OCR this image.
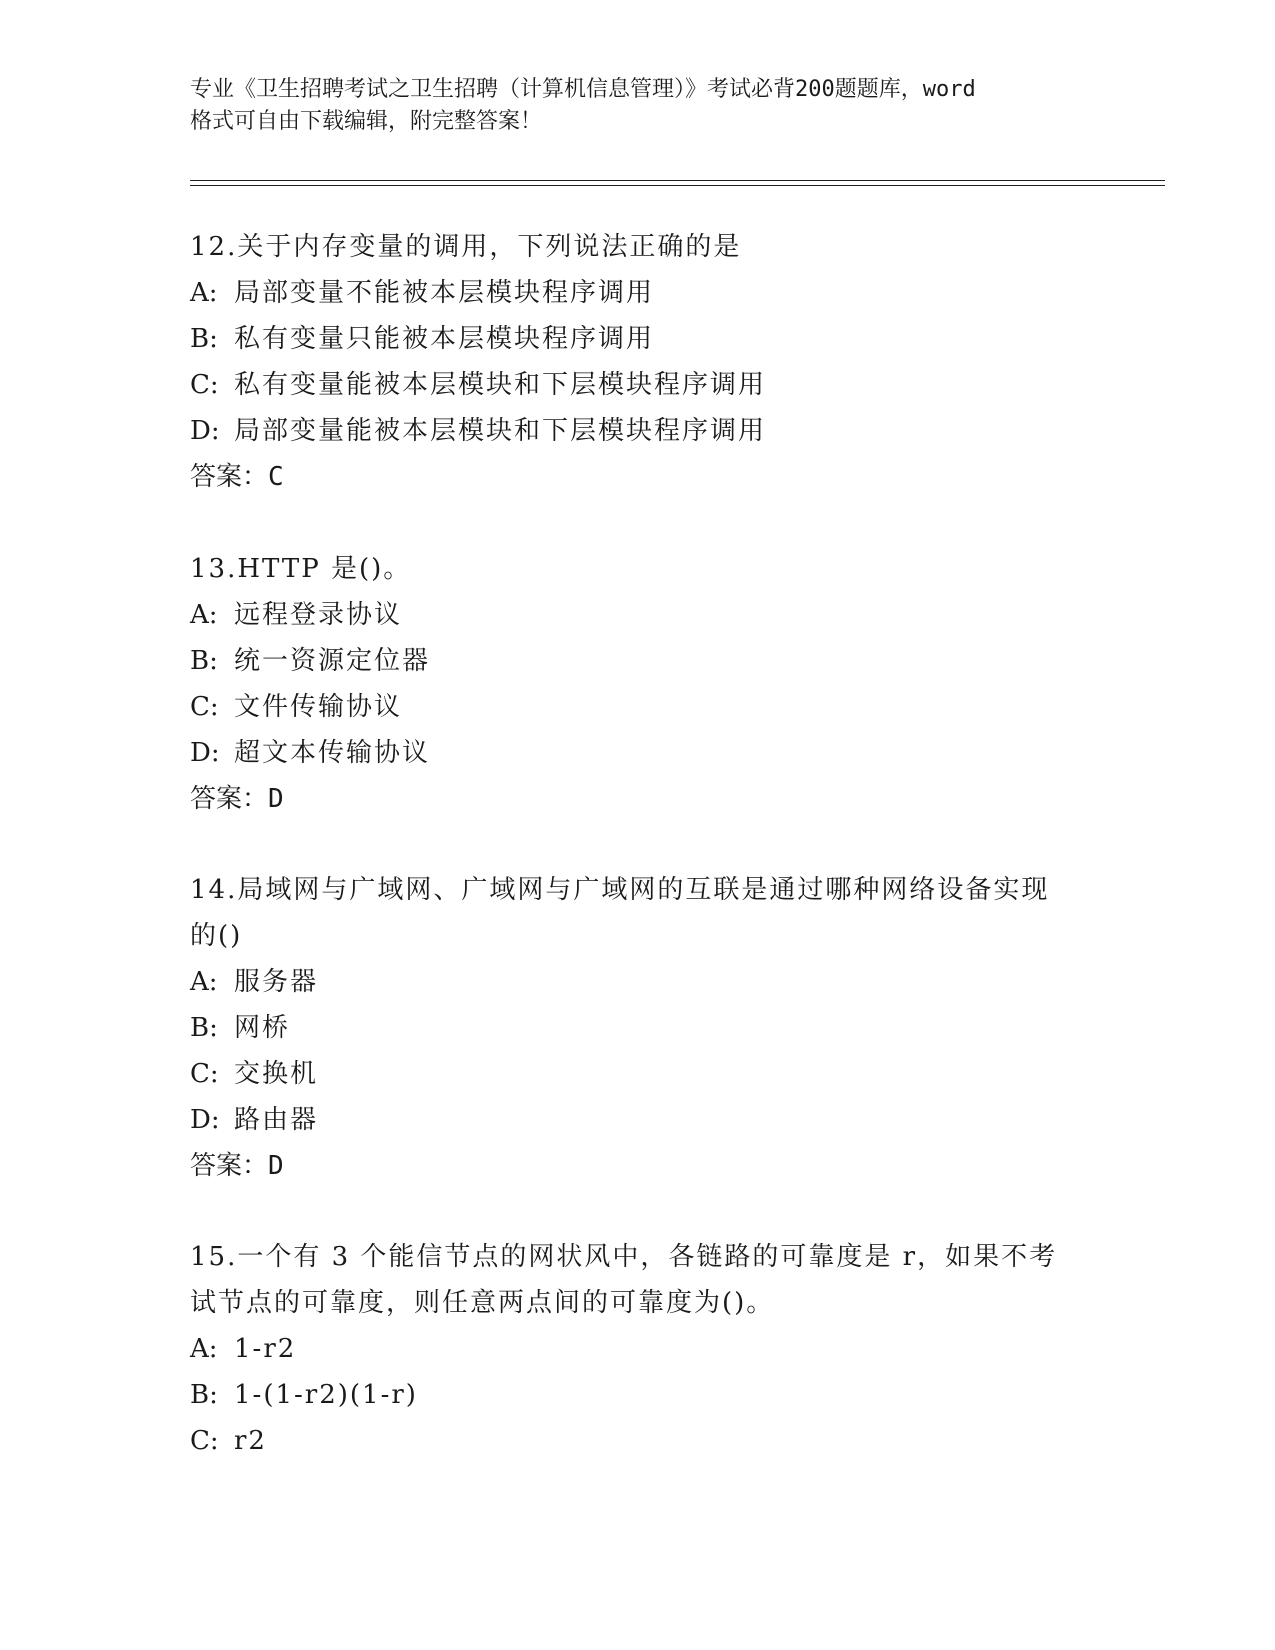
专业《卫生招聘考试之卫生招聘（计算机信息管理）》考试必背200题题库，word
格式可自由下载编辑，附完整答案！
12.关于内存变量的调用，下列说法正确的是
A: 局部变量不能被本层模块程序调用
B: 私有变量只能被本层模块程序调用
C: 私有变量能被本层模块和下层模块程序调用
D: 局部变量能被本层模块和下层模块程序调用
答案：C
13.HTTP 是()。
A: 远程登录协议
B: 统一资源定位器
C: 文件传输协议
D: 超文本传输协议
答案：D
14.局域网与广域网、广域网与广域网的互联是通过哪种网络设备实现
的()
A: 服务器
B: 网桥
C: 交换机
D: 路由器
答案：D
15.一个有 3 个能信节点的网状风中，各链路的可靠度是 r，如果不考
试节点的可靠度，则任意两点间的可靠度为()。
A: 1-r2
B: 1-(1-r2)(1-r)
C: r2
